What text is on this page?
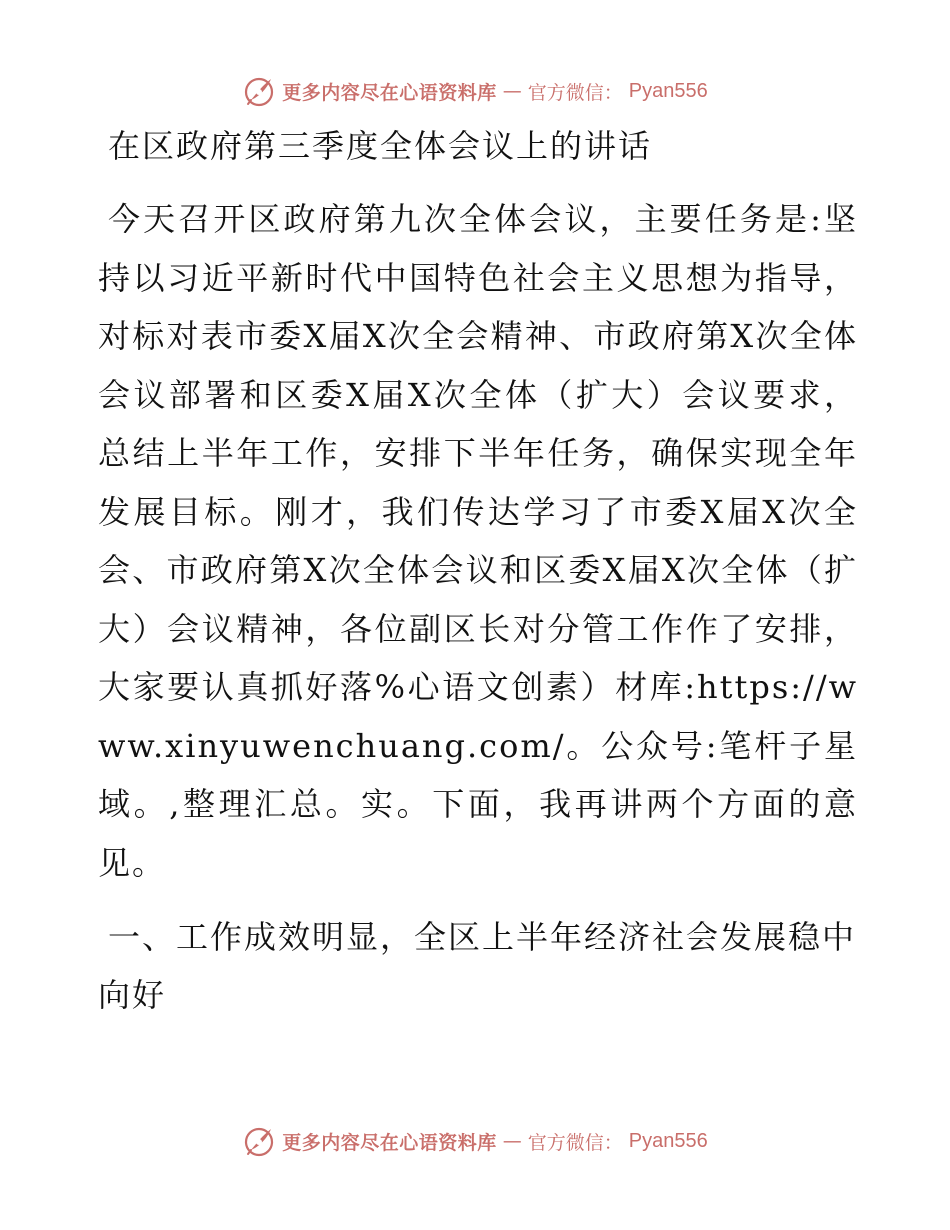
更多内容尽在心语资料库 — 官方微信： Pyan556
在区政府第三季度全体会议上的讲话

今天召开区政府第九次全体会议，主要任务是:坚持以习近平新时代中国特色社会主义思想为指导，对标对表市委X届X次全会精神、市政府第X次全体会议部署和区委X届X次全体（扩大）会议要求，总结上半年工作，安排下半年任务，确保实现全年发展目标。刚才，我们传达学习了市委X届X次全会、市政府第X次全体会议和区委X届X次全体（扩大）会议精神，各位副区长对分管工作作了安排，大家要认真抓好落%心语文创素）材库:https://www.xinyuwenchuang.com/。公众号:笔杆子星域。,整理汇总。实。下面，我再讲两个方面的意见。

一、工作成效明显，全区上半年经济社会发展稳中向好
更多内容尽在心语资料库 — 官方微信： Pyan556
